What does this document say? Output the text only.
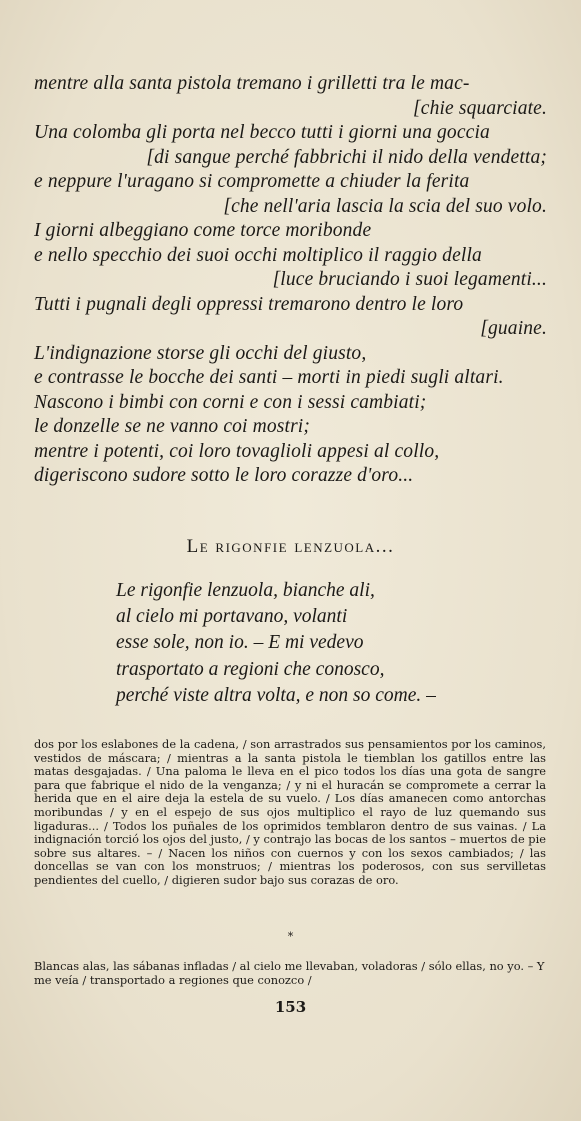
mentre alla santa pistola tremano i grilletti tra le mac-
[chie squarciate.
Una colomba gli porta nel becco tutti i giorni una goccia
[di sangue perché fabbrichi il nido della vendetta;
e neppure l'uragano si compromette a chiuder la ferita
[che nell'aria lascia la scia del suo volo.
I giorni albeggiano come torce moribonde
e nello specchio dei suoi occhi moltiplico il raggio della
[luce bruciando i suoi legamenti...
Tutti i pugnali degli oppressi tremarono dentro le loro
[guaine.
L'indignazione storse gli occhi del giusto,
e contrasse le bocche dei santi – morti in piedi sugli altari.
Nascono i bimbi con corni e con i sessi cambiati;
le donzelle se ne vanno coi mostri;
mentre i potenti, coi loro tovaglioli appesi al collo,
digeriscono sudore sotto le loro corazze d'oro...
Le rigonfie lenzuola...
Le rigonfie lenzuola, bianche ali,
al cielo mi portavano, volanti
esse sole, non io. – E mi vedevo
trasportato a regioni che conosco,
perché viste altra volta, e non so come. –
dos por los eslabones de la cadena, / son arrastrados sus pensamientos por los caminos, vestidos de máscara; / mientras a la santa pistola le tiemblan los gatillos entre las matas desgajadas. / Una paloma le lleva en el pico todos los días una gota de sangre para que fabrique el nido de la venganza; / y ni el huracán se compromete a cerrar la herida que en el aire deja la estela de su vuelo. / Los días amanecen como antorchas moribundas / y en el espejo de sus ojos multiplico el rayo de luz quemando sus ligaduras... / Todos los puñales de los oprimidos temblaron dentro de sus vainas. / La indignación torció los ojos del justo, / y contrajo las bocas de los santos – muertos de pie sobre sus altares. – / Nacen los niños con cuernos y con los sexos cambiados; / las doncellas se van con los monstruos; / mientras los poderosos, con sus servilletas pendientes del cuello, / digieren sudor bajo sus corazas de oro.
*
Blancas alas, las sábanas infladas / al cielo me llevaban, voladoras / sólo ellas, no yo. – Y me veía / transportado a regiones que conozco /
153
